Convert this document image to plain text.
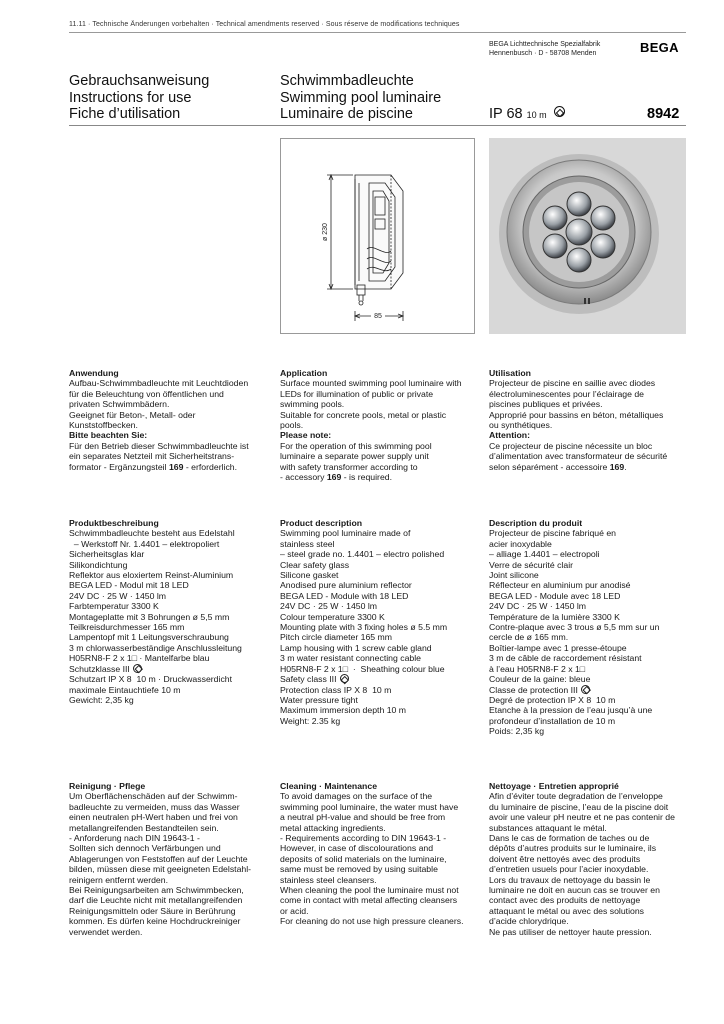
11.11 · Technische Änderungen vorbehalten · Technical amendments reserved · Sous réserve de modifications techniques
BEGA Lichttechnische Spezialfabrik
Hennenbusch · D - 58708 Menden	BEGA
Gebrauchsanweisung
Instructions for use
Fiche d’utilisation
Schwimmbadleuchte
Swimming pool luminaire
Luminaire de piscine	IP 68 10 m	8942
ø 230
85
Anwendung
Aufbau-Schwimmbadleuchte mit Leuchtdioden
für die Beleuchtung von öffentlichen und
privaten Schwimmbädern.
Geeignet für Beton-, Metall- oder
Kunststoffbecken.
Bitte beachten Sie:
Für den Betrieb dieser Schwimmbadleuchte ist
ein separates Netzteil mit Sicherheitstrans-
formator - Ergänzungsteil 169 - erforderlich.
Application
Surface mounted swimming pool luminaire with
LEDs for illumination of public or private
swimming pools.
Suitable for concrete pools, metal or plastic
pools.
Please note:
For the operation of this swimming pool
luminaire a separate power supply unit
with safety transformer according to
- accessory 169 - is required.
Utilisation
Projecteur de piscine en saillie avec diodes
électroluminescentes pour l’éclairage de
piscines publiques et privées.
Approprié pour bassins en béton, métalliques
ou synthétiques.
Attention:
Ce projecteur de piscine nécessite un bloc
d’alimentation avec transformateur de sécurité
selon séparément - accessoire 169.
Produktbeschreibung
Schwimmbadleuchte besteht aus Edelstahl
– Werkstoff Nr. 1.4401 – elektropoliert
Sicherheitsglas klar
Silikondichtung
Reflektor aus eloxiertem Reinst-Aluminium
BEGA LED - Modul mit 18 LED
24V DC · 25 W · 1450 lm
Farbtemperatur 3300 K
Montageplatte mit 3 Bohrungen ø 5,5 mm
Teilkreisdurchmesser 165 mm
Lampentopf mit 1 Leitungsverschraubung
3 m chlorwasserbeständige Anschlussleitung
H05RN8-F 2 x 1□ · Mantelfarbe blau
Schutzklasse III
Schutzart IP X 8  10 m · Druckwasserdicht
maximale Eintauchtiefe 10 m
Gewicht: 2,35 kg
Product description
Swimming pool luminaire made of
stainless steel
– steel grade no. 1.4401 – electro polished
Clear safety glass
Silicone gasket
Anodised pure aluminium reflector
BEGA LED - Module with 18 LED
24V DC · 25 W · 1450 lm
Colour temperature 3300 K
Mounting plate with 3 fixing holes ø 5.5 mm
Pitch circle diameter 165 mm
Lamp housing with 1 screw cable gland
3 m water resistant connecting cable
H05RN8-F 2 x 1□  ·  Sheathing colour blue
Safety class III
Protection class IP X 8  10 m
Water pressure tight
Maximum immersion depth 10 m
Weight: 2.35 kg
Description du produit
Projecteur de piscine fabriqué en
acier inoxydable
– alliage 1.4401 – electropoli
Verre de sécurité clair
Joint silicone
Réflecteur en aluminium pur anodisé
BEGA LED - Module avec 18 LED
24V DC · 25 W · 1450 lm
Température de la lumière 3300 K
Contre-plaque avec 3 trous ø 5,5 mm sur un
cercle de ø 165 mm.
Boîtier-lampe avec 1 presse-étoupe
3 m de câble de raccordement résistant
à l’eau H05RN8-F 2 x 1□
Couleur de la gaine: bleue
Classe de protection III
Degré de protection IP X 8  10 m
Etanche à la pression de l’eau jusqu’à une
profondeur d’installation de 10 m
Poids: 2,35 kg
Reinigung · Pflege
Um Oberflächenschäden auf der Schwimm-
badleuchte zu vermeiden, muss das Wasser
einen neutralen pH-Wert haben und frei von
metallangreifenden Bestandteilen sein.
- Anforderung nach DIN 19643-1 -
Sollten sich dennoch Verfärbungen und
Ablagerungen von Feststoffen auf der Leuchte
bilden, müssen diese mit geeigneten Edelstahl-
reinigern entfernt werden.
Bei Reinigungsarbeiten am Schwimmbecken,
darf die Leuchte nicht mit metallangreifenden
Reinigungsmitteln oder Säure in Berührung
kommen. Es dürfen keine Hochdruckreiniger
verwendet werden.
Cleaning · Maintenance
To avoid damages on the surface of the
swimming pool luminaire, the water must have
a neutral pH-value and should be free from
metal attacking ingredients.
- Requirements according to DIN 19643-1 -
However, in case of discolourations and
deposits of solid materials on the luminaire,
same must be removed by using suitable
stainless steel cleansers.
When cleaning the pool the luminaire must not
come in contact with metal affecting cleansers
or acid.
For cleaning do not use high pressure cleaners.
Nettoyage · Entretien approprié
Afin d’éviter toute degradation de l’enveloppe
du luminaire de piscine, l’eau de la piscine doit
avoir une valeur pH neutre et ne pas contenir de
substances attaquant le métal.
Dans le cas de formation de taches ou de
dépôts d’autres produits sur le luminaire, ils
doivent être nettoyés avec des produits
d’entretien usuels pour l’acier inoxydable.
Lors du travaux de nettoyage du bassin le
luminaire ne doit en aucun cas se trouver en
contact avec des produits de nettoyage
attaquant le métal ou avec des solutions
d’acide chlorydrique.
Ne pas utiliser de nettoyer haute pression.
